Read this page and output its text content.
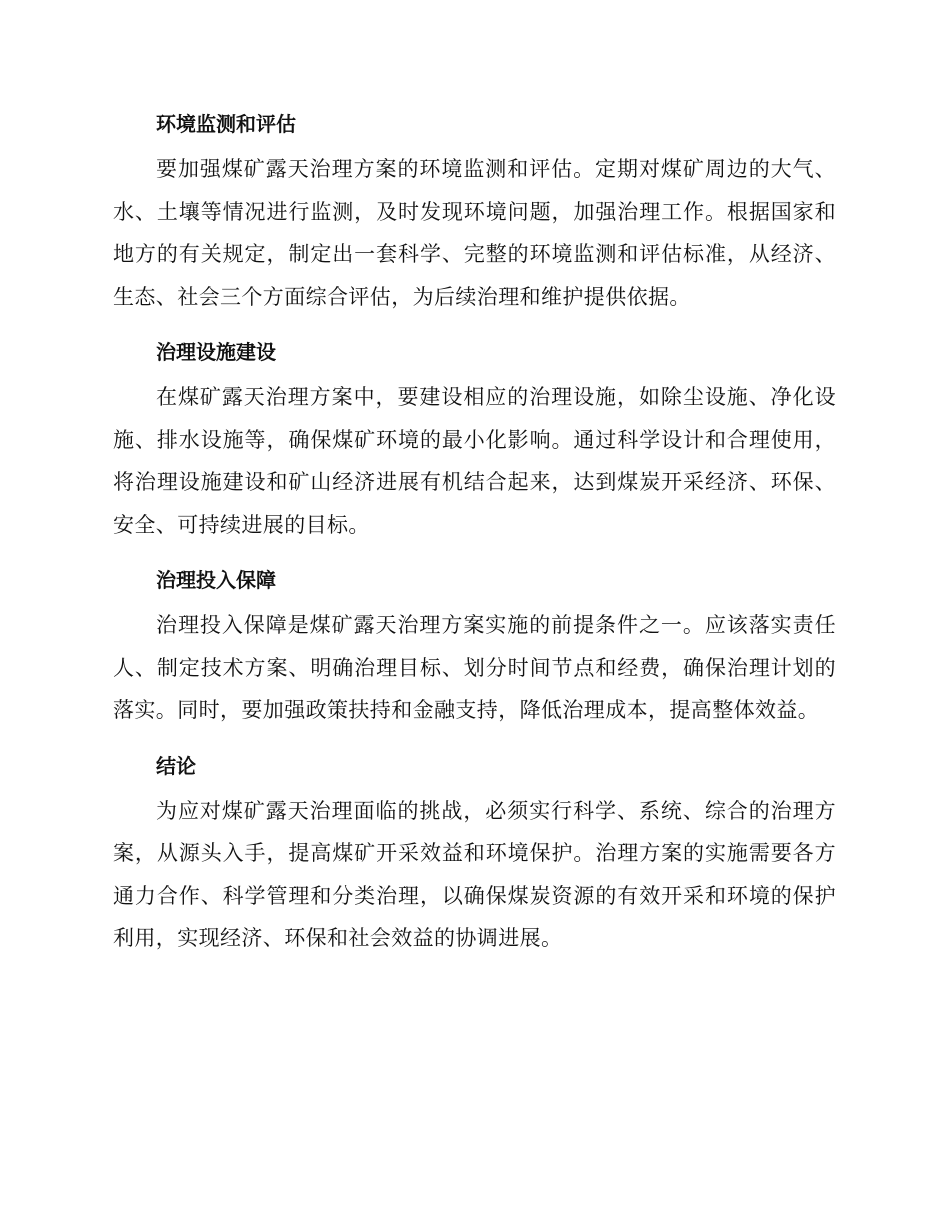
环境监测和评估

要加强煤矿露天治理方案的环境监测和评估。定期对煤矿周边的大气、水、土壤等情况进行监测，及时发现环境问题，加强治理工作。根据国家和地方的有关规定，制定出一套科学、完整的环境监测和评估标准，从经济、生态、社会三个方面综合评估，为后续治理和维护提供依据。

治理设施建设

在煤矿露天治理方案中，要建设相应的治理设施，如除尘设施、净化设施、排水设施等，确保煤矿环境的最小化影响。通过科学设计和合理使用，将治理设施建设和矿山经济进展有机结合起来，达到煤炭开采经济、环保、安全、可持续进展的目标。

治理投入保障

治理投入保障是煤矿露天治理方案实施的前提条件之一。应该落实责任人、制定技术方案、明确治理目标、划分时间节点和经费，确保治理计划的落实。同时，要加强政策扶持和金融支持，降低治理成本，提高整体效益。

结论

为应对煤矿露天治理面临的挑战，必须实行科学、系统、综合的治理方案，从源头入手，提高煤矿开采效益和环境保护。治理方案的实施需要各方通力合作、科学管理和分类治理，以确保煤炭资源的有效开采和环境的保护利用，实现经济、环保和社会效益的协调进展。
